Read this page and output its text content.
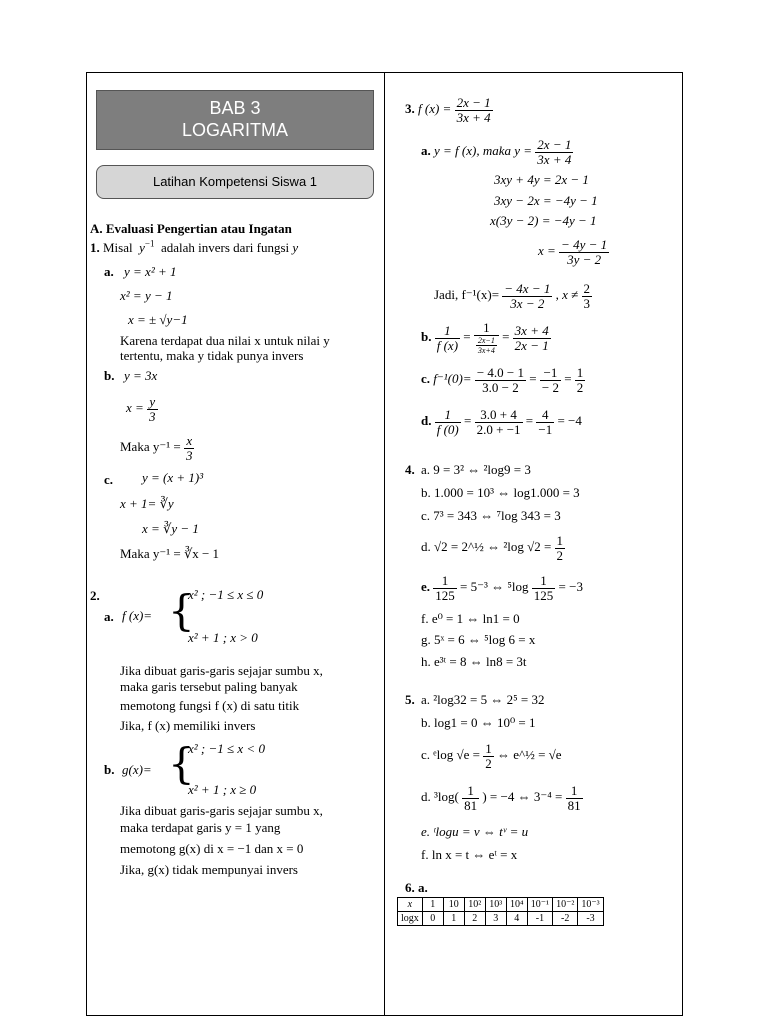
BAB 3
LOGARITMA
Latihan Kompetensi Siswa 1
A. Evaluasi Pengertian atau Ingatan
1. Misal $y^{-1}$ adalah invers dari fungsi y
a. y = x² + 1
x² = y − 1
x = ± √y−1
Karena terdapat dua nilai x untuk nilai y
tertentu, maka y tidak punya invers
b. y = 3x
$x = \frac{y}{3}$
Maka $y^{-1} = \frac{x}{3}$
c. y = (x + 1)³
x + 1= ∛y
x = ∛y − 1
Maka y⁻¹ = ∛x − 1
2.
a. f (x)= {
x² ; −1 ≤ x ≤ 0
x² + 1 ; x > 0
Jika dibuat garis-garis sejajar sumbu x,
maka garis tersebut paling banyak
memotong fungsi f (x) di satu titik
Jika, f (x) memiliki invers
b. g(x)= {
x² ; −1 ≤ x < 0
x² + 1 ; x ≥ 0
Jika dibuat garis-garis sejajar sumbu x,
maka terdapat garis y = 1 yang
memotong g(x) di x = −1 dan x = 0
Jika, g(x) tidak mempunyai invers
3. f $(x) = \frac{2x - 1}{3x + 4}$
a. y = f (x), maka $y = \frac{2x - 1}{3x + 4}$
3xy + 4y = 2x − 1
3xy − 2x = −4y − 1
x(3y − 2) = −4y − 1
$x = \frac{- 4y - 1}{3y - 2}$
Jadi, $f^{-1}(x)= \frac{- 4x - 1}{3x - 2}$ , $x \ne \frac{2}{3}$
b. $\frac{1}{f (x)} = \frac{1}{\frac{2x-1}{3x+4}} = \frac{3x + 4}{2x - 1}$
c. $f^{-1}(0)= \frac{- 4.0 - 1}{3.0 - 2} = \frac{-1}{- 2} = \frac{1}{2}$
d. $\frac{1}{f (0)} = \frac{3.0 + 4}{2.0 + -1} = \frac{4}{-1} = -4$
4. a. 9 = 3² ⇔ ²log9 = 3
b. 1.000 = 10³ ⇔ log1.000 = 3
c. 7³ = 343 ⇔ ⁷log 343 = 3
d. √2 = 2^½ ⇔ ²log $√2 = \frac{1}{2}$
e. $\frac{1}{125} = 5^{-3}$ ⇔ $^5\log \frac{1}{125} = -3$
f. e⁰ = 1 ⇔ ln1 = 0
g. 5ˣ = 6 ⇔ ⁵log 6 = x
h. e³ᵗ = 8 ⇔ ln8 = 3t
5. a. ²log32 = 5 ⇔ 2⁵ = 32
b. log1 = 0 ⇔ 10⁰ = 1
c. ᵉlog $√e = \frac{1}{2}$ ⇔ e^½ = √e
d. $^3\log( \frac{1}{81}$ ) = −4 ⇔ $3^{-4} = \frac{1}{81}$
e. ᵗlogu = v ⇔ tᵛ = u
f. ln x = t ⇔ eᵗ = x
6. a.
x	1	10	10²	10³	10⁴	10⁻¹	10⁻²	10⁻³
logx	0	1	2	3	4	-1	-2	-3
